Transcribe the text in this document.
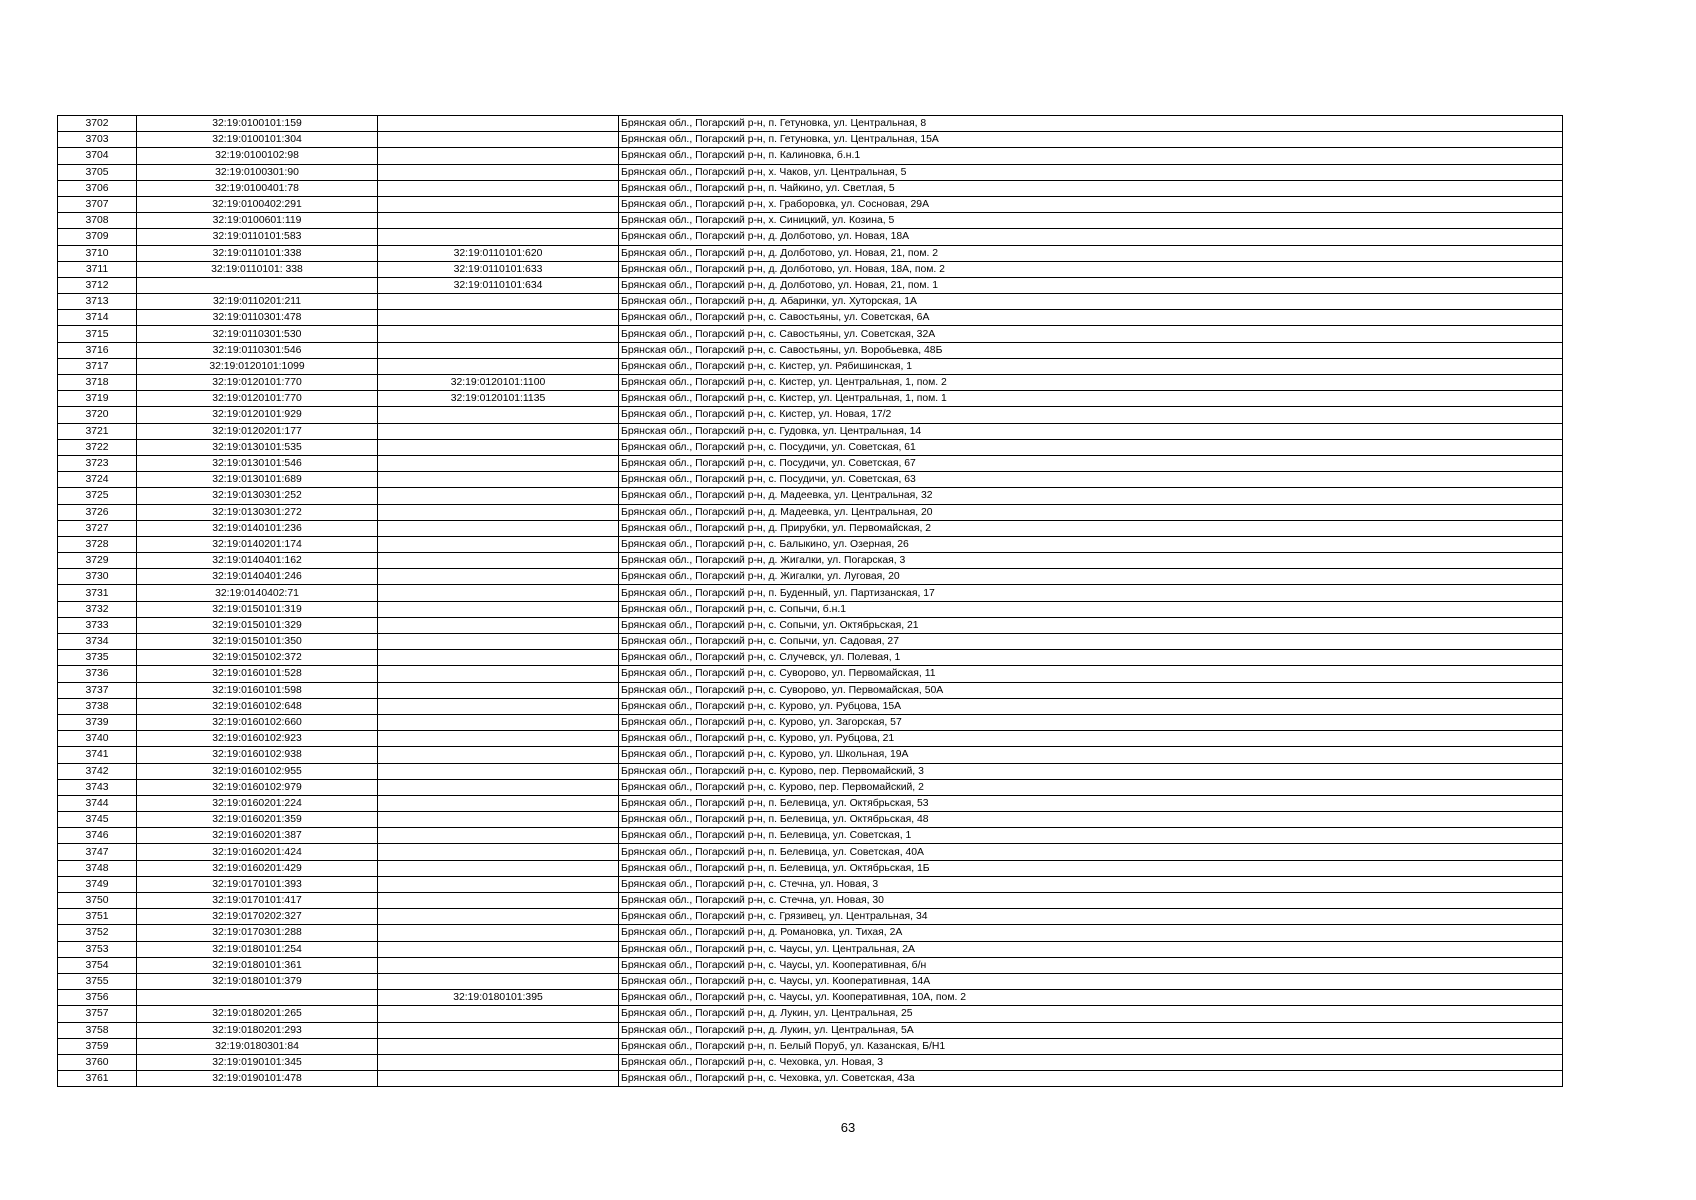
3702	32:19:0100101:159		Брянская обл., Погарский р-н, п. Гетуновка, ул. Центральная, 8
3703	32:19:0100101:304		Брянская обл., Погарский р-н, п. Гетуновка, ул. Центральная, 15А
3704	32:19:0100102:98		Брянская обл., Погарский р-н, п. Калиновка, б.н.1
3705	32:19:0100301:90		Брянская обл., Погарский р-н, х. Чаков, ул. Центральная, 5
3706	32:19:0100401:78		Брянская обл., Погарский р-н, п. Чайкино, ул. Светлая, 5
3707	32:19:0100402:291		Брянская обл., Погарский р-н, х. Граборовка, ул. Сосновая, 29А
3708	32:19:0100601:119		Брянская обл., Погарский р-н, х. Синицкий, ул. Козина, 5
3709	32:19:0110101:583		Брянская обл., Погарский р-н, д. Долботово, ул. Новая, 18А
3710	32:19:0110101:338	32:19:0110101:620	Брянская обл., Погарский р-н, д. Долботово, ул. Новая, 21, пом. 2
3711	32:19:0110101: 338	32:19:0110101:633	Брянская обл., Погарский р-н, д. Долботово, ул. Новая, 18А, пом. 2
3712		32:19:0110101:634	Брянская обл., Погарский р-н, д. Долботово, ул. Новая, 21, пом. 1
3713	32:19:0110201:211		Брянская обл., Погарский р-н, д. Абаринки, ул. Хуторская, 1А
3714	32:19:0110301:478		Брянская обл., Погарский р-н, с. Савостьяны, ул. Советская, 6А
3715	32:19:0110301:530		Брянская обл., Погарский р-н, с. Савостьяны, ул. Советская, 32А
3716	32:19:0110301:546		Брянская обл., Погарский р-н, с. Савостьяны, ул. Воробьевка, 48Б
3717	32:19:0120101:1099		Брянская обл., Погарский р-н, с. Кистер, ул. Рябишинская, 1
3718	32:19:0120101:770	32:19:0120101:1100	Брянская обл., Погарский р-н, с. Кистер, ул. Центральная, 1, пом. 2
3719	32:19:0120101:770	32:19:0120101:1135	Брянская обл., Погарский р-н, с. Кистер, ул. Центральная, 1, пом. 1
3720	32:19:0120101:929		Брянская обл., Погарский р-н, с. Кистер, ул. Новая, 17/2
3721	32:19:0120201:177		Брянская обл., Погарский р-н, с. Гудовка, ул. Центральная, 14
3722	32:19:0130101:535		Брянская обл., Погарский р-н, с. Посудичи, ул. Советская, 61
3723	32:19:0130101:546		Брянская обл., Погарский р-н, с. Посудичи, ул. Советская, 67
3724	32:19:0130101:689		Брянская обл., Погарский р-н, с. Посудичи, ул. Советская, 63
3725	32:19:0130301:252		Брянская обл., Погарский р-н, д. Мадеевка, ул. Центральная, 32
3726	32:19:0130301:272		Брянская обл., Погарский р-н, д. Мадеевка, ул. Центральная, 20
3727	32:19:0140101:236		Брянская обл., Погарский р-н, д. Прирубки, ул. Первомайская, 2
3728	32:19:0140201:174		Брянская обл., Погарский р-н, с. Балыкино, ул. Озерная, 26
3729	32:19:0140401:162		Брянская обл., Погарский р-н, д. Жигалки, ул. Погарская, 3
3730	32:19:0140401:246		Брянская обл., Погарский р-н, д. Жигалки, ул. Луговая, 20
3731	32:19:0140402:71		Брянская обл., Погарский р-н, п. Буденный, ул. Партизанская, 17
3732	32:19:0150101:319		Брянская обл., Погарский р-н, с. Сопычи, б.н.1
3733	32:19:0150101:329		Брянская обл., Погарский р-н, с. Сопычи, ул. Октябрьская, 21
3734	32:19:0150101:350		Брянская обл., Погарский р-н, с. Сопычи, ул. Садовая, 27
3735	32:19:0150102:372		Брянская обл., Погарский р-н, с. Случевск, ул. Полевая, 1
3736	32:19:0160101:528		Брянская обл., Погарский р-н, с. Суворово, ул. Первомайская, 11
3737	32:19:0160101:598		Брянская обл., Погарский р-н, с. Суворово, ул. Первомайская, 50А
3738	32:19:0160102:648		Брянская обл., Погарский р-н, с. Курово, ул. Рубцова, 15А
3739	32:19:0160102:660		Брянская обл., Погарский р-н, с. Курово, ул. Загорская, 57
3740	32:19:0160102:923		Брянская обл., Погарский р-н, с. Курово, ул. Рубцова, 21
3741	32:19:0160102:938		Брянская обл., Погарский р-н, с. Курово, ул. Школьная, 19А
3742	32:19:0160102:955		Брянская обл., Погарский р-н, с. Курово, пер. Первомайский, 3
3743	32:19:0160102:979		Брянская обл., Погарский р-н, с. Курово, пер. Первомайский, 2
3744	32:19:0160201:224		Брянская обл., Погарский р-н, п. Белевица, ул. Октябрьская, 53
3745	32:19:0160201:359		Брянская обл., Погарский р-н, п. Белевица, ул. Октябрьская, 48
3746	32:19:0160201:387		Брянская обл., Погарский р-н, п. Белевица, ул. Советская, 1
3747	32:19:0160201:424		Брянская обл., Погарский р-н, п. Белевица, ул. Советская, 40А
3748	32:19:0160201:429		Брянская обл., Погарский р-н, п. Белевица, ул. Октябрьская, 1Б
3749	32:19:0170101:393		Брянская обл., Погарский р-н, с. Стечна, ул. Новая, 3
3750	32:19:0170101:417		Брянская обл., Погарский р-н, с. Стечна, ул. Новая, 30
3751	32:19:0170202:327		Брянская обл., Погарский р-н, с. Грязивец, ул. Центральная, 34
3752	32:19:0170301:288		Брянская обл., Погарский р-н, д. Романовка, ул. Тихая, 2А
3753	32:19:0180101:254		Брянская обл., Погарский р-н, с. Чаусы, ул. Центральная, 2А
3754	32:19:0180101:361		Брянская обл., Погарский р-н, с. Чаусы, ул. Кооперативная, б/н
3755	32:19:0180101:379		Брянская обл., Погарский р-н, с. Чаусы, ул. Кооперативная, 14А
3756		32:19:0180101:395	Брянская обл., Погарский р-н, с. Чаусы, ул. Кооперативная, 10А, пом. 2
3757	32:19:0180201:265		Брянская обл., Погарский р-н, д. Лукин, ул. Центральная, 25
3758	32:19:0180201:293		Брянская обл., Погарский р-н, д. Лукин, ул. Центральная, 5А
3759	32:19:0180301:84		Брянская обл., Погарский р-н, п. Белый Поруб, ул. Казанская, Б/Н1
3760	32:19:0190101:345		Брянская обл., Погарский р-н, с. Чеховка, ул. Новая, 3
3761	32:19:0190101:478		Брянская обл., Погарский р-н, с. Чеховка, ул. Советская, 43а
63
